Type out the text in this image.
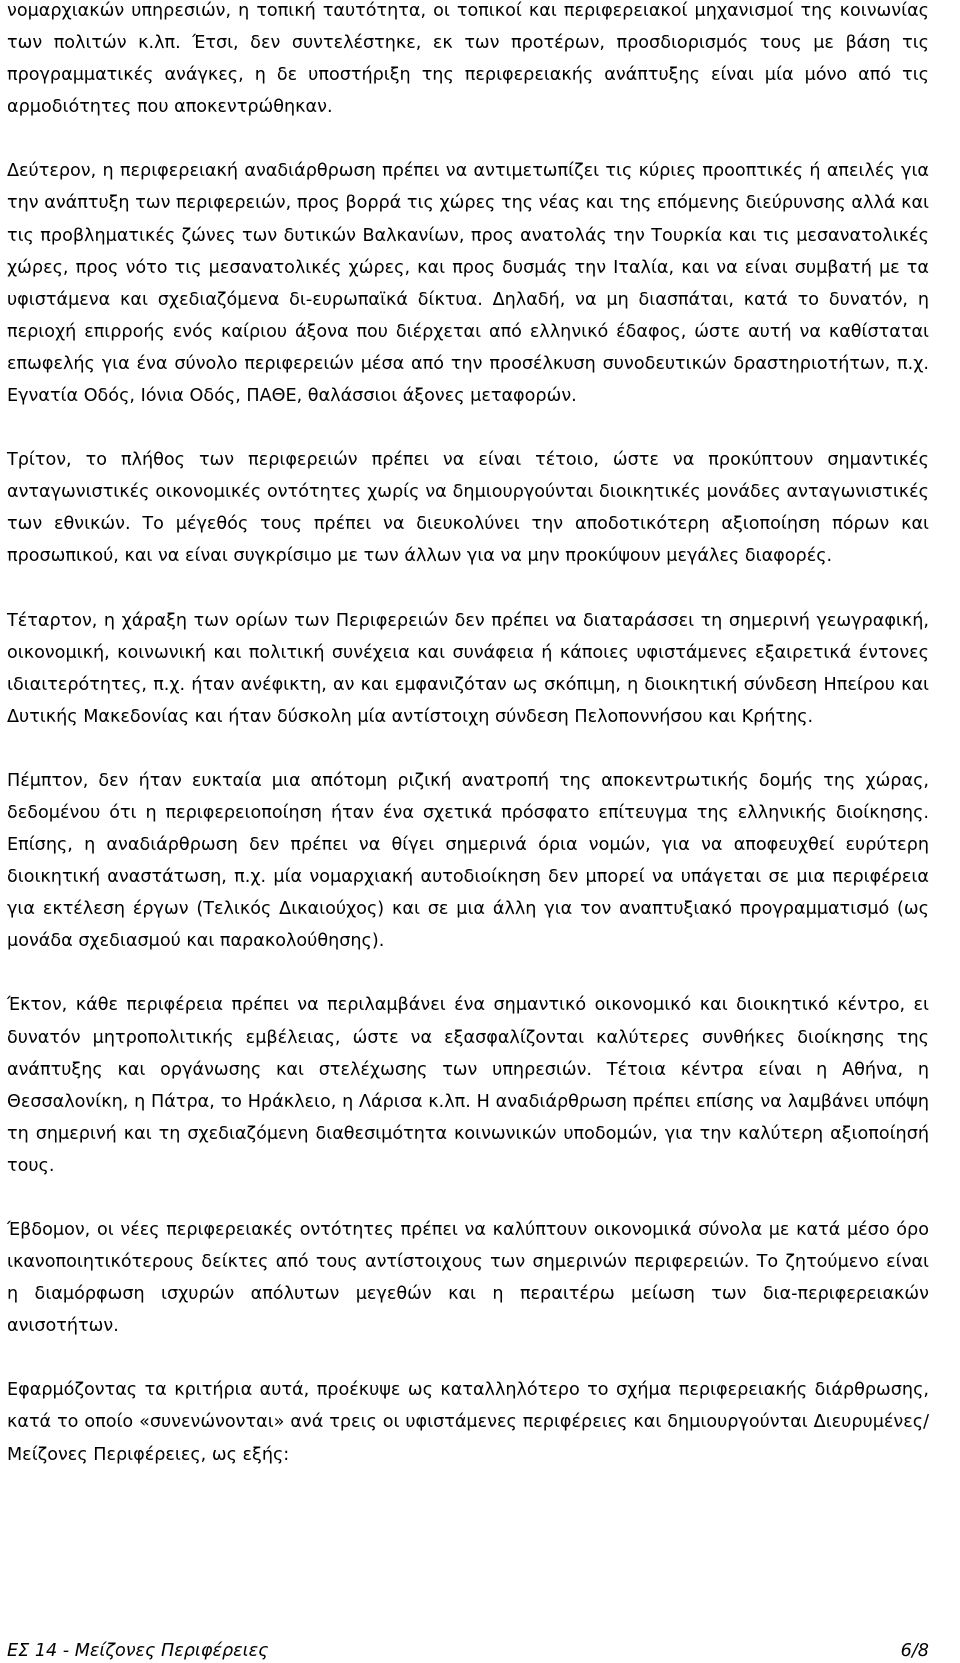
νομαρχιακών υπηρεσιών, η τοπική ταυτότητα, οι τοπικοί και περιφερειακοί μηχανισμοί της κοινωνίας των πολιτών κ.λπ. Έτσι, δεν συντελέστηκε, εκ των προτέρων, προσδιορισμός τους με βάση τις προγραμματικές ανάγκες, η δε υποστήριξη της περιφερειακής ανάπτυξης είναι μία μόνο από τις αρμοδιότητες που αποκεντρώθηκαν.

Δεύτερον, η περιφερειακή αναδιάρθρωση πρέπει να αντιμετωπίζει τις κύριες προοπτικές ή απειλές για την ανάπτυξη των περιφερειών, προς βορρά τις χώρες της νέας και της επόμενης διεύρυνσης αλλά και τις προβληματικές ζώνες των δυτικών Βαλκανίων, προς ανατολάς την Τουρκία και τις μεσανατολικές χώρες, προς νότο τις μεσανατολικές χώρες, και προς δυσμάς την Ιταλία, και να είναι συμβατή με τα υφιστάμενα και σχεδιαζόμενα δι-ευρωπαϊκά δίκτυα. Δηλαδή, να μη διασπάται, κατά το δυνατόν, η περιοχή επιρροής ενός καίριου άξονα που διέρχεται από ελληνικό έδαφος, ώστε αυτή να καθίσταται επωφελής για ένα σύνολο περιφερειών μέσα από την προσέλκυση συνοδευτικών δραστηριοτήτων, π.χ. Εγνατία Οδός, Ιόνια Οδός, ΠΑΘΕ, θαλάσσιοι άξονες μεταφορών.

Τρίτον, το πλήθος των περιφερειών πρέπει να είναι τέτοιο, ώστε να προκύπτουν σημαντικές ανταγωνιστικές οικονομικές οντότητες χωρίς να δημιουργούνται διοικητικές μονάδες ανταγωνιστικές των εθνικών. Το μέγεθός τους πρέπει να διευκολύνει την αποδοτικότερη αξιοποίηση πόρων και προσωπικού, και να είναι συγκρίσιμο με των άλλων για να μην προκύψουν μεγάλες διαφορές.

Τέταρτον, η χάραξη των ορίων των Περιφερειών δεν πρέπει να διαταράσσει τη σημερινή γεωγραφική, οικονομική, κοινωνική και πολιτική συνέχεια και συνάφεια ή κάποιες υφιστάμενες εξαιρετικά έντονες ιδιαιτερότητες, π.χ. ήταν ανέφικτη, αν και εμφανιζόταν ως σκόπιμη, η διοικητική σύνδεση Ηπείρου και Δυτικής Μακεδονίας και ήταν δύσκολη μία αντίστοιχη σύνδεση Πελοποννήσου και Κρήτης.

Πέμπτον, δεν ήταν ευκταία μια απότομη ριζική ανατροπή της αποκεντρωτικής δομής της χώρας, δεδομένου ότι η περιφερειοποίηση ήταν ένα σχετικά πρόσφατο επίτευγμα της ελληνικής διοίκησης. Επίσης, η αναδιάρθρωση δεν πρέπει να θίγει σημερινά όρια νομών, για να αποφευχθεί ευρύτερη διοικητική αναστάτωση, π.χ. μία νομαρχιακή αυτοδιοίκηση δεν μπορεί να υπάγεται σε μια περιφέρεια για εκτέλεση έργων (Τελικός Δικαιούχος) και σε μια άλλη για τον αναπτυξιακό προγραμματισμό (ως μονάδα σχεδιασμού και παρακολούθησης).

Έκτον, κάθε περιφέρεια πρέπει να περιλαμβάνει ένα σημαντικό οικονομικό και διοικητικό κέντρο, ει δυνατόν μητροπολιτικής εμβέλειας, ώστε να εξασφαλίζονται καλύτερες συνθήκες διοίκησης της ανάπτυξης και οργάνωσης και στελέχωσης των υπηρεσιών. Τέτοια κέντρα είναι η Αθήνα, η Θεσσαλονίκη, η Πάτρα, το Ηράκλειο, η Λάρισα κ.λπ. Η αναδιάρθρωση πρέπει επίσης να λαμβάνει υπόψη τη σημερινή και τη σχεδιαζόμενη διαθεσιμότητα κοινωνικών υποδομών, για την καλύτερη αξιοποίησή τους.

Έβδομον, οι νέες περιφερειακές οντότητες πρέπει να καλύπτουν οικονομικά σύνολα με κατά μέσο όρο ικανοποιητικότερους δείκτες από τους αντίστοιχους των σημερινών περιφερειών. Το ζητούμενο είναι η διαμόρφωση ισχυρών απόλυτων μεγεθών και η περαιτέρω μείωση των δια-περιφερειακών ανισοτήτων.

Εφαρμόζοντας τα κριτήρια αυτά, προέκυψε ως καταλληλότερο το σχήμα περιφερειακής διάρθρωσης, κατά το οποίο «συνενώνονται» ανά τρεις οι υφιστάμενες περιφέρειες και δημιουργούνται Διευρυμένες/Μείζονες Περιφέρειες, ως εξής:

ΕΣ 14 - Μείζονες Περιφέρειες	6/8
